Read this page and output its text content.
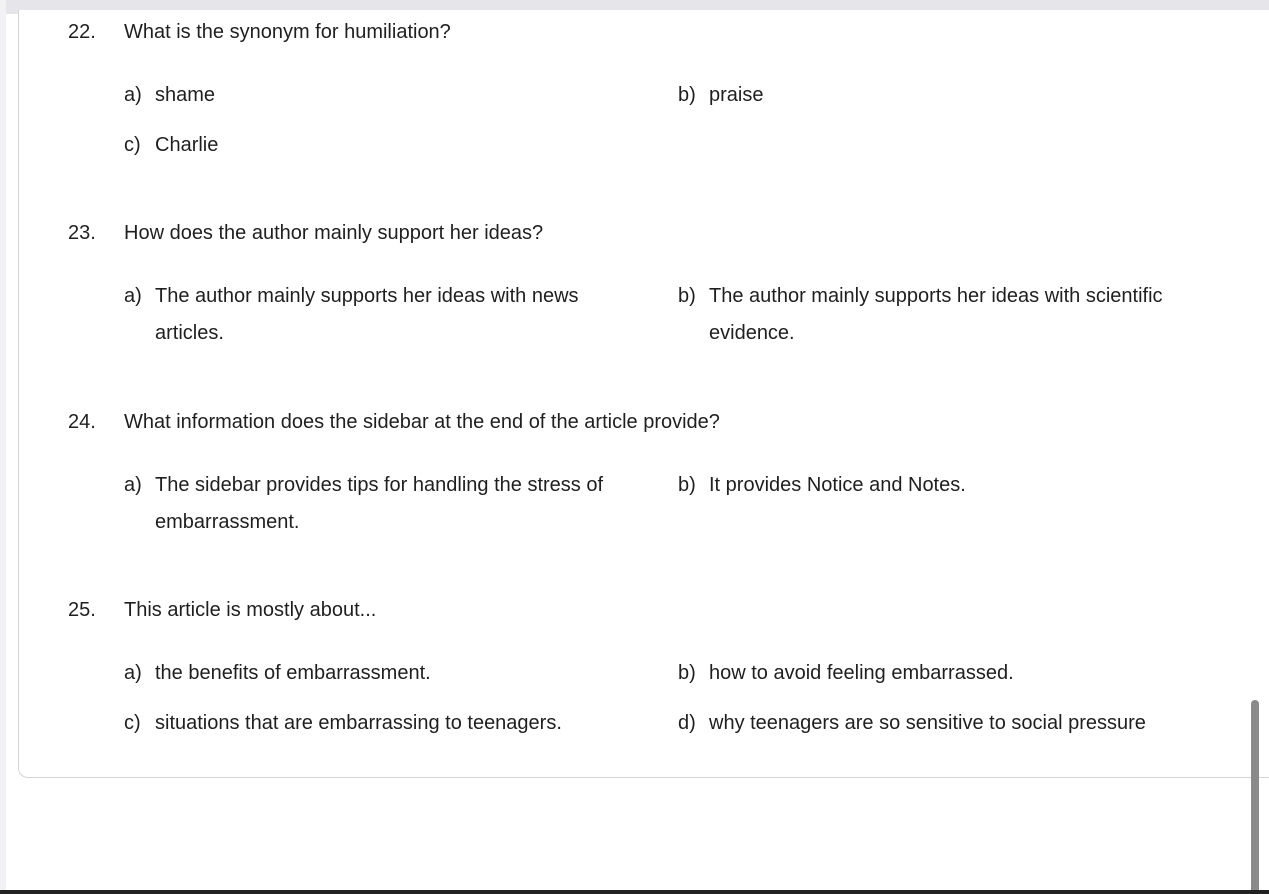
22. What is the synonym for humiliation?
a) shame	b) praise
c) Charlie
23. How does the author mainly support her ideas?
a) The author mainly supports her ideas with news
articles.
b) The author mainly supports her ideas with scientific
evidence.
24. What information does the sidebar at the end of the article provide?
a) The sidebar provides tips for handling the stress of
embarrassment.
b) It provides Notice and Notes.
25. This article is mostly about...
a) the benefits of embarrassment.	b) how to avoid feeling embarrassed.
c) situations that are embarrassing to teenagers.	d) why teenagers are so sensitive to social pressure
